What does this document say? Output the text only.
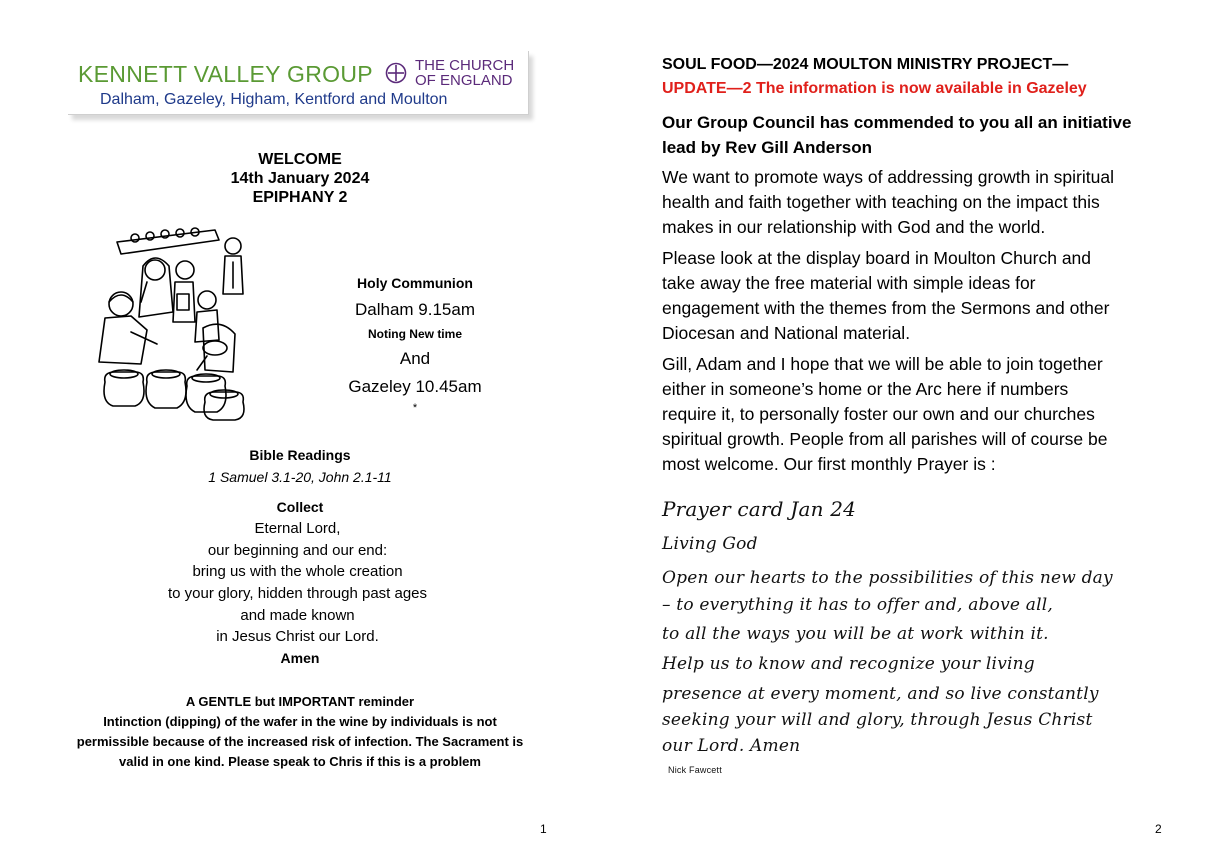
KENNETT VALLEY GROUP	THE CHURCH
OF ENGLAND
Dalham, Gazeley, Higham, Kentford and Moulton
WELCOME
14th January 2024
EPIPHANY 2
Holy Communion
Dalham 9.15am
Noting New time
And
Gazeley 10.45am
*
Bible Readings
1 Samuel 3.1-20, John 2.1-11
Collect
Eternal Lord,
our beginning and our end:
bring us with the whole creation
to your glory, hidden through past ages
and made known
in Jesus Christ our Lord.
Amen
A GENTLE but IMPORTANT reminder
Intinction (dipping) of the wafer in the wine by individuals is not
permissible because of the increased risk of infection. The Sacrament is
valid in one kind. Please speak to Chris if this is a problem
1
SOUL FOOD—2024 MOULTON MINISTRY PROJECT—
UPDATE—2 The information is now available in Gazeley
Our Group Council has commended to you all an initiative
lead by Rev Gill Anderson
We want to promote ways of addressing growth in spiritual
health and faith together with teaching on the impact this
makes in our relationship with God and the world.
Please look at the display board in Moulton Church and
take away the free material with simple ideas for
engagement with the themes from the Sermons and other
Diocesan and National material.
Gill, Adam and I hope that we will be able to join together
either in someone’s home or the Arc here if numbers
require it, to personally foster our own and our churches
spiritual growth. People from all parishes will of course be
most welcome. Our first monthly Prayer is :
Prayer card Jan 24
Living God
Open our hearts to the possibilities of this new day
– to everything it has to offer and, above all,
to all the ways you will be at work within it.
Help us to know and recognize your living
presence at every moment, and so live constantly
seeking your will and glory, through Jesus Christ
our Lord. Amen
Nick Fawcett
2
